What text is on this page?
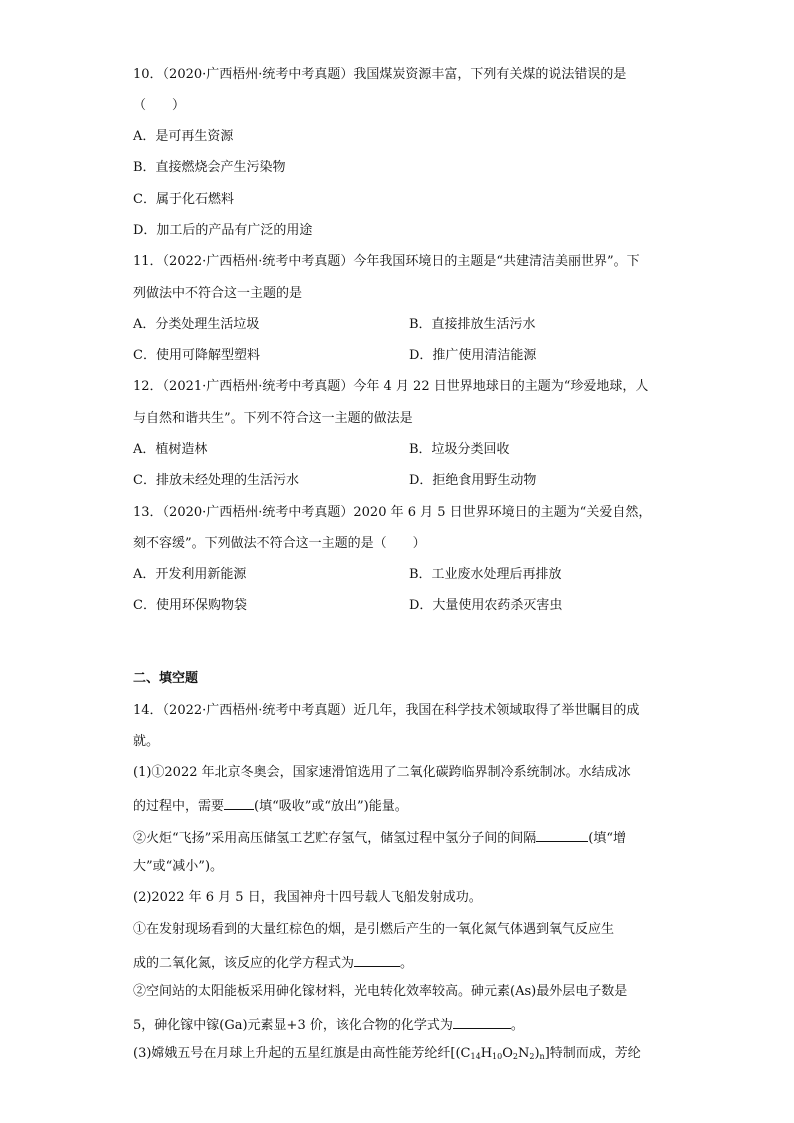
10．（2020·广西梧州·统考中考真题）我国煤炭资源丰富，下列有关煤的说法错误的是
（　　）
A．是可再生资源
B．直接燃烧会产生污染物
C．属于化石燃料
D．加工后的产品有广泛的用途
11．（2022·广西梧州·统考中考真题）今年我国环境日的主题是“共建清洁美丽世界”。下
列做法中不符合这一主题的是
A．分类处理生活垃圾	B．直接排放生活污水
C．使用可降解型塑料	D．推广使用清洁能源
12．（2021·广西梧州·统考中考真题）今年 4 月 22 日世界地球日的主题为“珍爱地球，人
与自然和谐共生”。下列不符合这一主题的做法是
A．植树造林	B．垃圾分类回收
C．排放未经处理的生活污水	D．拒绝食用野生动物
13．（2020·广西梧州·统考中考真题）2020 年 6 月 5 日世界环境日的主题为“关爱自然，
刻不容缓”。下列做法不符合这一主题的是（　　）
A．开发利用新能源	B．工业废水处理后再排放
C．使用环保购物袋	D．大量使用农药杀灭害虫
二、填空题
14．（2022·广西梧州·统考中考真题）近几年，我国在科学技术领域取得了举世瞩目的成
就。
(1)①2022 年北京冬奥会，国家速滑馆选用了二氧化碳跨临界制冷系统制冰。水结成冰
的过程中，需要 (填“吸收”或“放出”)能量。
②火炬“飞扬”采用高压储氢工艺贮存氢气，储氢过程中氢分子间的间隔	(填“增
大”或“减小”)。
(2)2022 年 6 月 5 日，我国神舟十四号载人飞船发射成功。
①在发射现场看到的大量红棕色的烟，是引燃后产生的一氧化氮气体遇到氧气反应生
成的二氧化氮，该反应的化学方程式为	。
②空间站的太阳能板采用砷化镓材料，光电转化效率较高。砷元素(As)最外层电子数是
5，砷化镓中镓(Ga)元素显+3 价，该化合物的化学式为	。
(3)嫦娥五号在月球上升起的五星红旗是由高性能芳纶纤$[(C_{14}H_{10}O_2N_2)_n]$特制而成，芳纶
